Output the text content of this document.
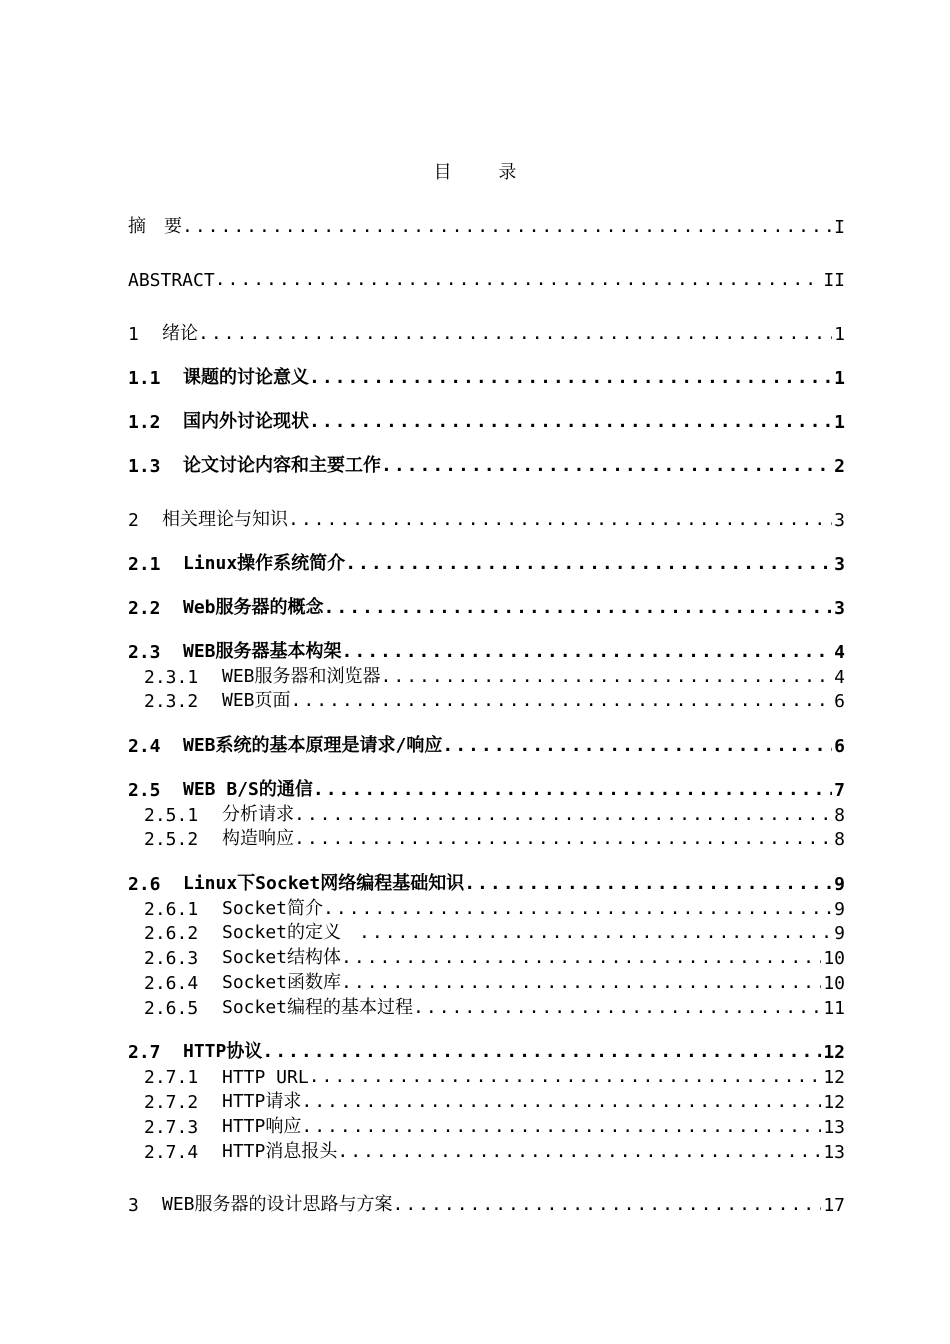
目 录
摘　要 .....	I
ABSTRACT .....	II
1	绪论 .....	1
1.1	课题的讨论意义 .....	1
1.2	国内外讨论现状 .....	1
1.3	论文讨论内容和主要工作 .....	2
2	相关理论与知识 .....	3
2.1	Linux操作系统简介 .....	3
2.2	Web服务器的概念 .....	3
2.3	WEB服务器基本构架 .....	4
2.3.1	WEB服务器和浏览器 .....	4
2.3.2	WEB页面 .....	6
2.4	WEB系统的基本原理是请求/响应 .....	6
2.5	WEB B/S的通信 .....	7
2.5.1	分析请求 .....	8
2.5.2	构造响应 .....	8
2.6	Linux下Socket网络编程基础知识 .....	9
2.6.1	Socket简介 .....	9
2.6.2	Socket的定义　 .....	9
2.6.3	Socket结构体 .....	10
2.6.4	Socket函数库 .....	10
2.6.5	Socket编程的基本过程 .....	11
2.7	HTTP协议 .....	12
2.7.1	HTTP URL .....	12
2.7.2	HTTP请求 .....	12
2.7.3	HTTP响应 .....	13
2.7.4	HTTP消息报头 .....	13
3	WEB服务器的设计思路与方案 .....	17
